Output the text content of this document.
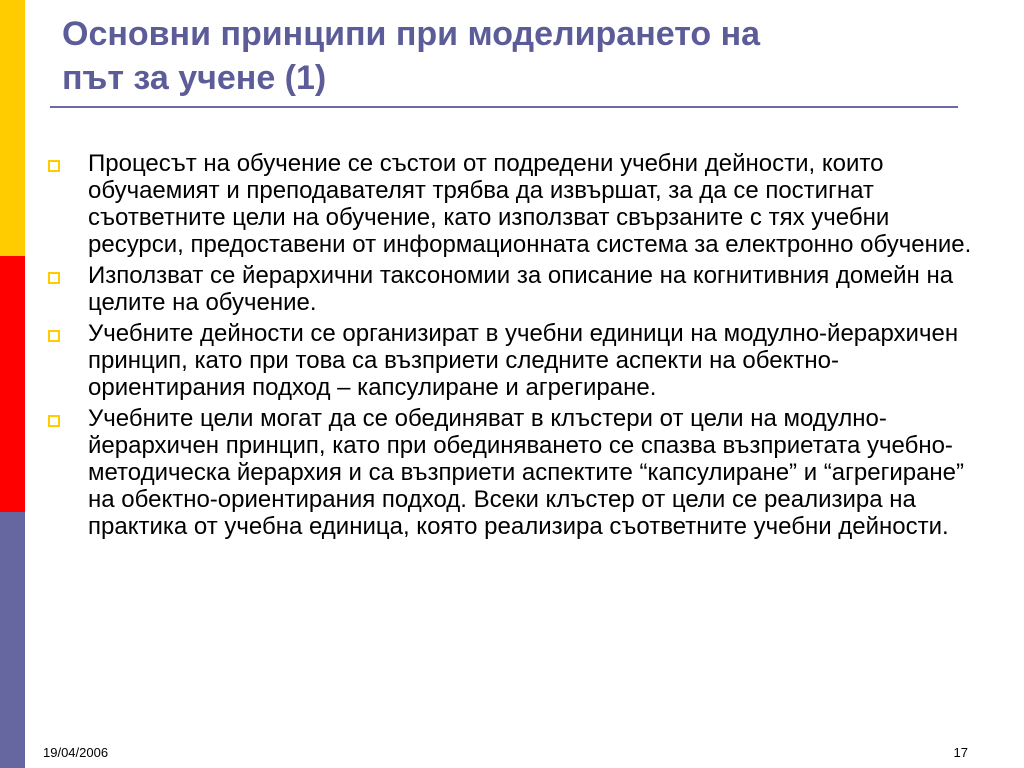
Основни принципи при моделирането на
път за учене (1)
Процесът на обучение се състои от подредени учебни дейности, които обучаемият и преподавателят трябва да извършат, за да се постигнат съответните цели на обучение, като използват свързаните с тях учебни ресурси, предоставени от информационната система за електронно обучение.
Използват се йерархични таксономии за описание на когнитивния домейн на целите на обучение.
Учебните дейности се организират в учебни единици на модулно-йерархичен принцип, като при това са възприети следните аспекти на обектно-ориентирания подход – капсулиране и агрегиране.
Учебните цели могат да се обединяват в клъстери от цели на модулно-йерархичен принцип, като при обединяването се спазва възприетата учебно-методическа йерархия и са възприети аспектите “капсулиране” и “агрегиране” на обектно-ориентирания подход. Всеки клъстер от цели се реализира на практика от учебна единица, която реализира съответните учебни дейности.
19/04/2006	17
